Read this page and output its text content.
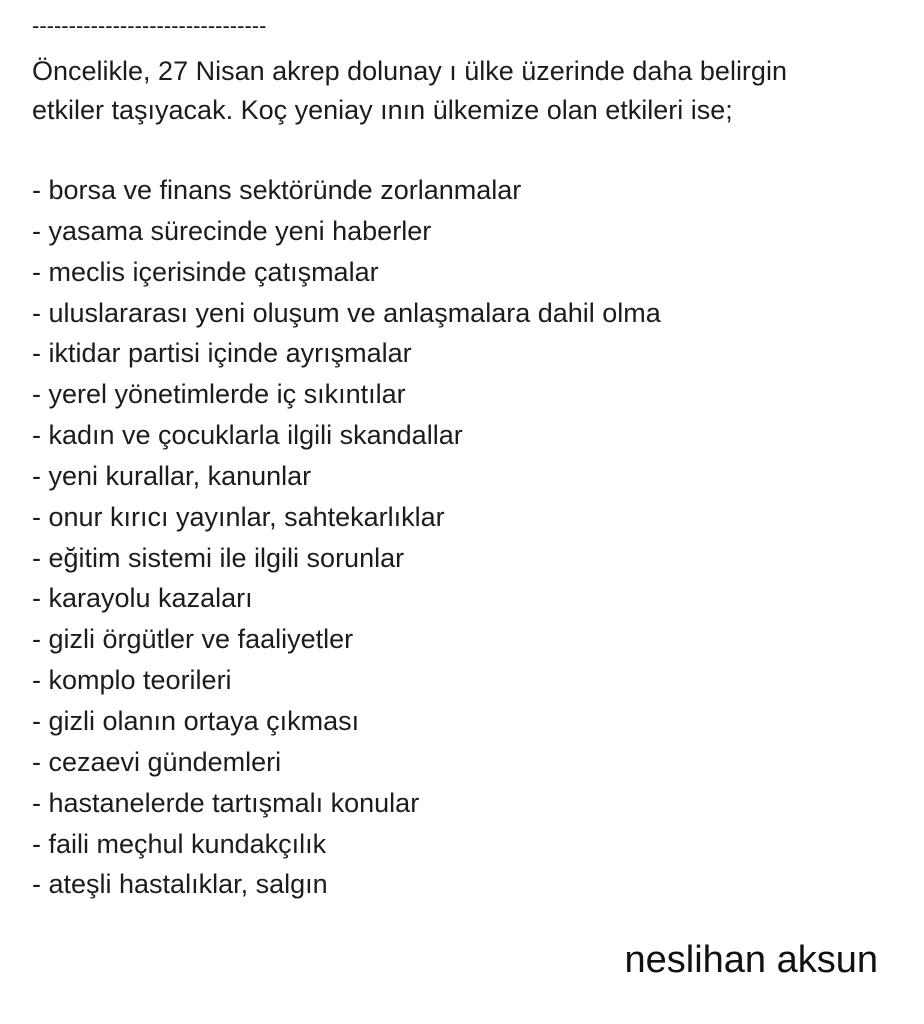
--------------------------------

Öncelikle, 27 Nisan akrep dolunay ı ülke üzerinde daha belirgin
etkiler taşıyacak. Koç yeniay ının ülkemize olan etkileri ise;

- borsa ve finans sektöründe zorlanmalar
- yasama sürecinde yeni haberler
- meclis içerisinde çatışmalar
- uluslararası yeni oluşum ve anlaşmalara dahil olma
- iktidar partisi içinde ayrışmalar
- yerel yönetimlerde iç sıkıntılar
- kadın ve çocuklarla ilgili skandallar
- yeni kurallar, kanunlar
- onur kırıcı yayınlar, sahtekarlıklar
- eğitim sistemi ile ilgili sorunlar
- karayolu kazaları
- gizli örgütler ve faaliyetler
- komplo teorileri
- gizli olanın ortaya çıkması
- cezaevi gündemleri
- hastanelerde tartışmalı konular
- faili meçhul kundakçılık
- ateşli hastalıklar, salgın
neslihan aksun
